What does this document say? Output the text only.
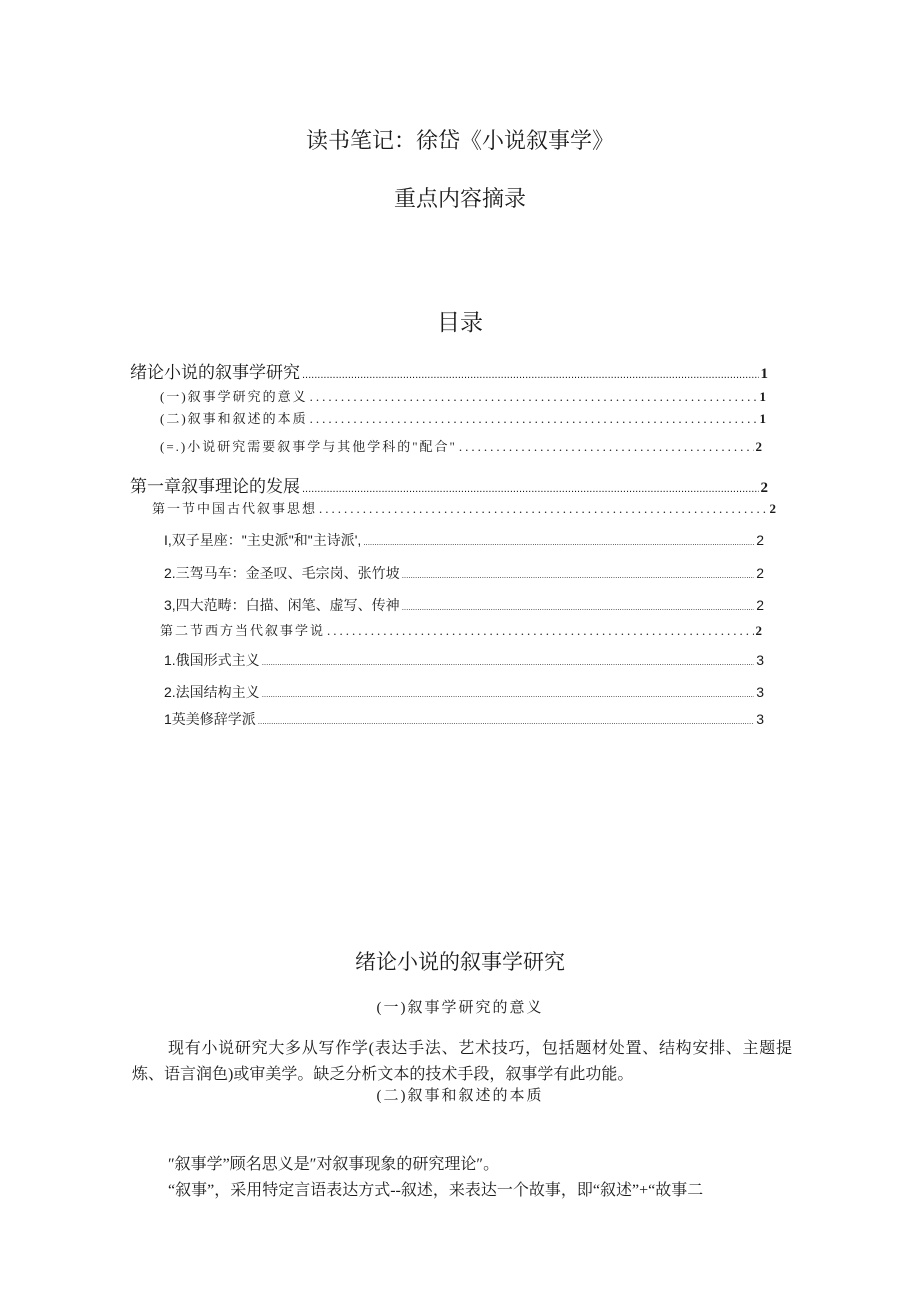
读书笔记：徐岱《小说叙事学》
重点内容摘录
目录
绪论小说的叙事学研究 .....	1
(一)叙事学研究的意义 .....	1
(二)叙事和叙述的本质 .....	1
(=.)小说研究需要叙事学与其他学科的"配合" .....	2
第一章叙事理论的发展 .....	2
第一节中国古代叙事思想 .....	2
I,双子星座："主史派"和"主诗派', .....	2
2.三驾马车：金圣叹、毛宗岗、张竹坡 .....	2
3,四大范畴：白描、闲笔、虚写、传神 .....	2
第二节西方当代叙事学说 .....	2
1.俄国形式主义 .....	3
2.法国结构主义 .....	3
1英美修辞学派 .....	3
绪论小说的叙事学研究
(一)叙事学研究的意义
现有小说研究大多从写作学(表达手法、艺术技巧，包括题材处置、结构安排、主题提炼、语言润色)或审美学。缺乏分析文本的技术手段，叙事学有此功能。
(二)叙事和叙述的本质
″叙事学”顾名思义是″对叙事现象的研究理论″。
“叙事”，采用特定言语表达方式--叙述，来表达一个故事，即“叙述”+“故事二
